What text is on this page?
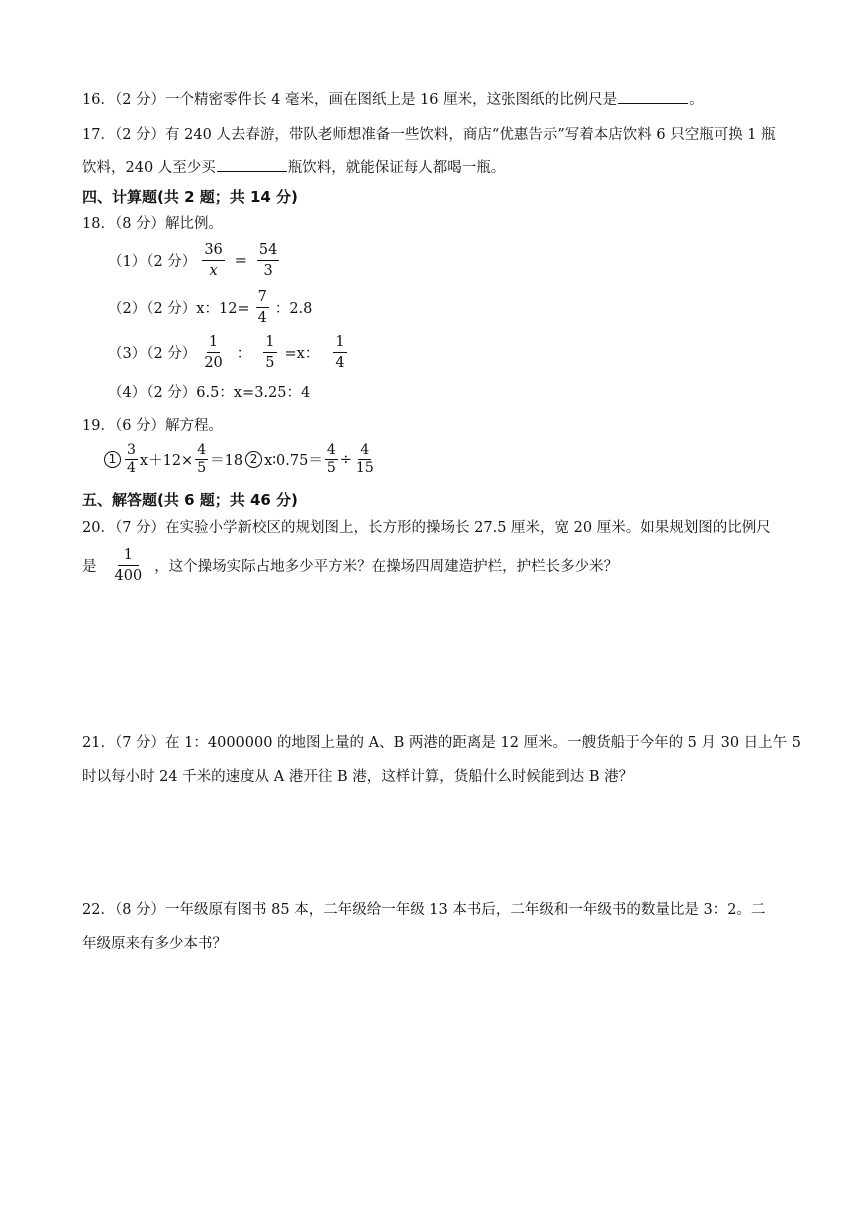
16．（2 分）一个精密零件长 4 毫米，画在图纸上是 16 厘米，这张图纸的比例尺是	。
17．（2 分）有 240 人去春游，带队老师想准备一些饮料，商店“优惠告示”写着本店饮料 6 只空瓶可换 1 瓶
饮料，240 人至少买	瓶饮料，就能保证每人都喝一瓶。
四、计算题(共 2 题；共 14 分)
18．（8 分）解比例。
（1）（2 分） $\frac{36}{x} = \frac{54}{3}$
（2）（2 分）x：$12= \frac{7}{4}$ ：2.8
（3）（2 分） $\frac{1}{20}$ ： $\frac{1}{5} =x$： $\frac{1}{4}$
（4）（2 分）6.5：x=3.25：4
19．（6 分）解方程。
$1 \frac{3}{4} x+12\times \frac{4}{5} =18$ 2 x∶0.75＝ $\frac{4}{5} \div \frac{4}{15}$
五、解答题(共 6 题；共 46 分)
20．（7 分）在实验小学新校区的规划图上，长方形的操场长 27.5 厘米，宽 20 厘米。如果规划图的比例尺
是 $\frac{1}{400}$ ，这个操场实际占地多少平方米？在操场四周建造护栏，护栏长多少米？
21．（7 分）在 1：4000000 的地图上量的 A、B 两港的距离是 12 厘米。一艘货船于今年的 5 月 30 日上午 5
时以每小时 24 千米的速度从 A 港开往 B 港，这样计算，货船什么时候能到达 B 港？
22．（8 分）一年级原有图书 85 本，二年级给一年级 13 本书后，二年级和一年级书的数量比是 3：2。二
年级原来有多少本书？
